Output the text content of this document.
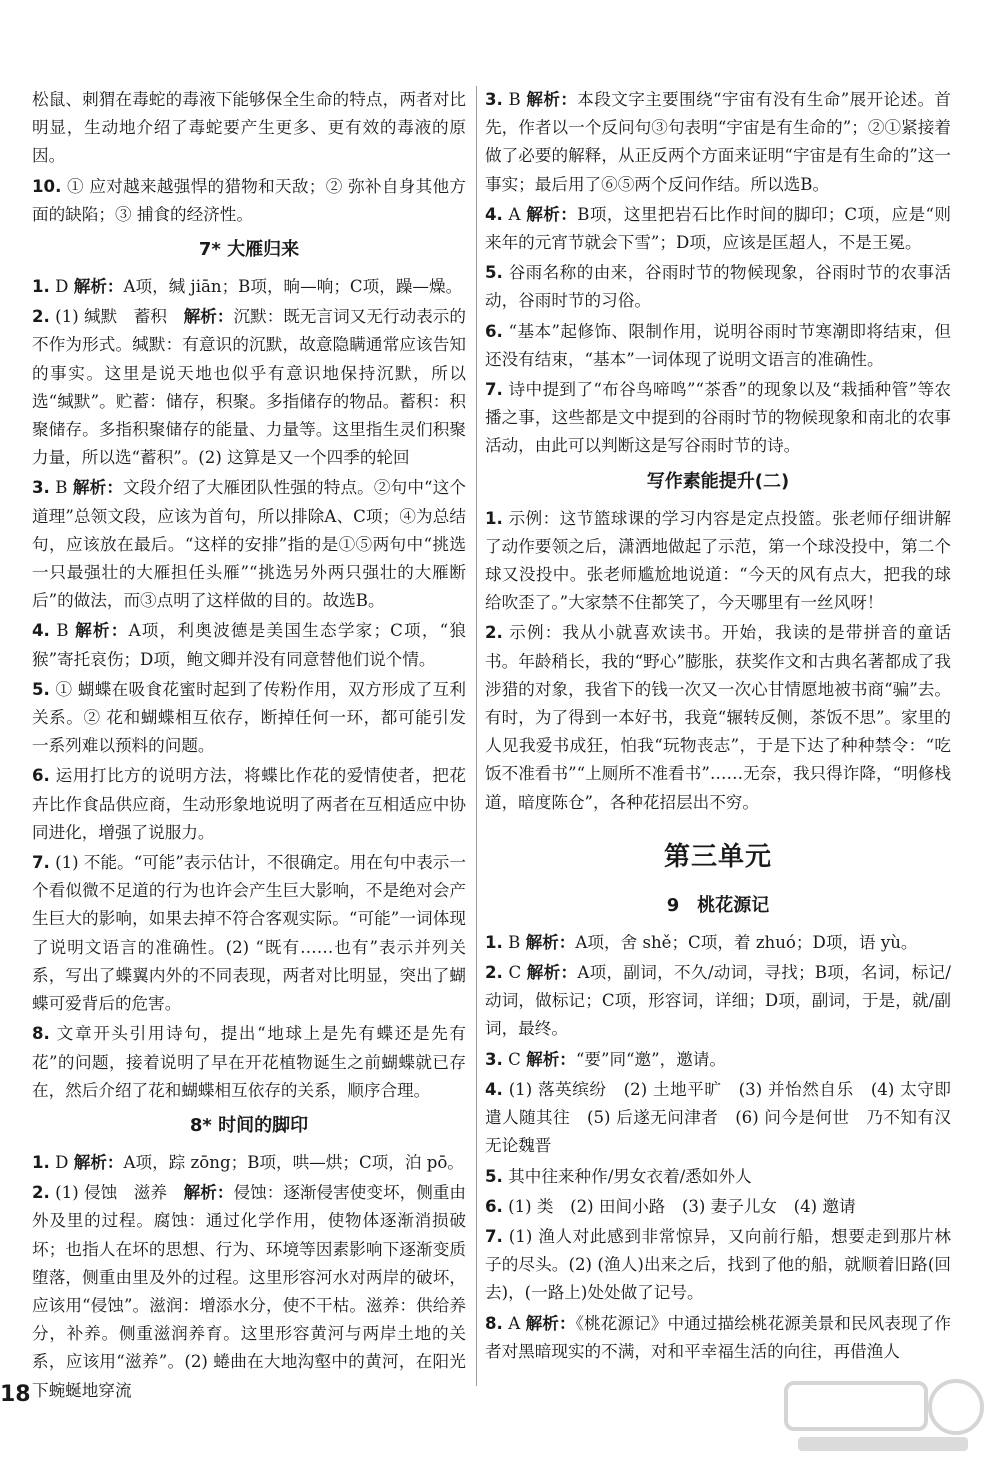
松鼠、刺猬在毒蛇的毒液下能够保全生命的特点，两者对比明显，生动地介绍了毒蛇要产生更多、更有效的毒液的原因。

10. ① 应对越来越强悍的猎物和天敌；② 弥补自身其他方面的缺陷；③ 捕食的经济性。

7* 大雁归来

1. D 解析：A项，缄 jiān；B项，晌—响；C项，躁—燥。

2. (1) 缄默　蓄积　解析：沉默：既无言词又无行动表示的不作为形式。缄默：有意识的沉默，故意隐瞒通常应该告知的事实。这里是说天地也似乎有意识地保持沉默，所以选“缄默”。贮蓄：储存，积聚。多指储存的物品。蓄积：积聚储存。多指积聚储存的能量、力量等。这里指生灵们积聚力量，所以选“蓄积”。(2) 这算是又一个四季的轮回

3. B 解析：文段介绍了大雁团队性强的特点。②句中“这个道理”总领文段，应该为首句，所以排除A、C项；④为总结句，应该放在最后。“这样的安排”指的是①⑤两句中“挑选一只最强壮的大雁担任头雁”“挑选另外两只强壮的大雁断后”的做法，而③点明了这样做的目的。故选B。

4. B 解析：A项，利奥波德是美国生态学家；C项，“狼猴”寄托哀伤；D项，鲍文卿并没有同意替他们说个情。

5. ① 蝴蝶在吸食花蜜时起到了传粉作用，双方形成了互利关系。② 花和蝴蝶相互依存，断掉任何一环，都可能引发一系列难以预料的问题。

6. 运用打比方的说明方法，将蝶比作花的爱情使者，把花卉比作食品供应商，生动形象地说明了两者在互相适应中协同进化，增强了说服力。

7. (1) 不能。“可能”表示估计，不很确定。用在句中表示一个看似微不足道的行为也许会产生巨大影响，不是绝对会产生巨大的影响，如果去掉不符合客观实际。“可能”一词体现了说明文语言的准确性。(2) “既有……也有”表示并列关系，写出了蝶翼内外的不同表现，两者对比明显，突出了蝴蝶可爱背后的危害。

8. 文章开头引用诗句，提出“地球上是先有蝶还是先有花”的问题，接着说明了早在开花植物诞生之前蝴蝶就已存在，然后介绍了花和蝴蝶相互依存的关系，顺序合理。

8* 时间的脚印

1. D 解析：A项，踪 zōng；B项，哄—烘；C项，泊 pō。

2. (1) 侵蚀　滋养　解析：侵蚀：逐渐侵害使变坏，侧重由外及里的过程。腐蚀：通过化学作用，使物体逐渐消损破坏；也指人在坏的思想、行为、环境等因素影响下逐渐变质堕落，侧重由里及外的过程。这里形容河水对两岸的破坏，应该用“侵蚀”。滋润：增添水分，使不干枯。滋养：供给养分，补养。侧重滋润养育。这里形容黄河与两岸土地的关系，应该用“滋养”。(2) 蜷曲在大地沟壑中的黄河，在阳光下蜿蜒地穿流

3. B 解析：本段文字主要围绕“宇宙有没有生命”展开论述。首先，作者以一个反问句③句表明“宇宙是有生命的”；②①紧接着做了必要的解释，从正反两个方面来证明“宇宙是有生命的”这一事实；最后用了⑥⑤两个反问作结。所以选B。

4. A 解析：B项，这里把岩石比作时间的脚印；C项，应是“则来年的元宵节就会下雪”；D项，应该是匡超人，不是王冕。

5. 谷雨名称的由来，谷雨时节的物候现象，谷雨时节的农事活动，谷雨时节的习俗。

6. “基本”起修饰、限制作用，说明谷雨时节寒潮即将结束，但还没有结束，“基本”一词体现了说明文语言的准确性。

7. 诗中提到了“布谷鸟啼鸣”“茶香”的现象以及“栽插种管”等农播之事，这些都是文中提到的谷雨时节的物候现象和南北的农事活动，由此可以判断这是写谷雨时节的诗。

写作素能提升(二)

1. 示例：这节篮球课的学习内容是定点投篮。张老师仔细讲解了动作要领之后，潇洒地做起了示范，第一个球没投中，第二个球又没投中。张老师尴尬地说道：“今天的风有点大，把我的球给吹歪了。”大家禁不住都笑了，今天哪里有一丝风呀！

2. 示例：我从小就喜欢读书。开始，我读的是带拼音的童话书。年龄稍长，我的“野心”膨胀，获奖作文和古典名著都成了我涉猎的对象，我省下的钱一次又一次心甘情愿地被书商“骗”去。有时，为了得到一本好书，我竟“辗转反侧，茶饭不思”。家里的人见我爱书成狂，怕我“玩物丧志”，于是下达了种种禁令：“吃饭不准看书”“上厕所不准看书”……无奈，我只得诈降，“明修栈道，暗度陈仓”，各种花招层出不穷。

第三单元
9　桃花源记

1. B 解析：A项，舍 shě；C项，着 zhuó；D项，语 yù。

2. C 解析：A项，副词，不久/动词，寻找；B项，名词，标记/动词，做标记；C项，形容词，详细；D项，副词，于是，就/副词，最终。

3. C 解析：“要”同“邀”，邀请。

4. (1) 落英缤纷　(2) 土地平旷　(3) 并怡然自乐　(4) 太守即遣人随其往　(5) 后遂无问津者　(6) 问今是何世　乃不知有汉　无论魏晋

5. 其中往来种作/男女衣着/悉如外人

6. (1) 类　(2) 田间小路　(3) 妻子儿女　(4) 邀请

7. (1) 渔人对此感到非常惊异，又向前行船，想要走到那片林子的尽头。(2) (渔人)出来之后，找到了他的船，就顺着旧路(回去)，(一路上)处处做了记号。

8. A 解析：《桃花源记》中通过描绘桃花源美景和民风表现了作者对黑暗现实的不满，对和平幸福生活的向往，再借渔人

18
